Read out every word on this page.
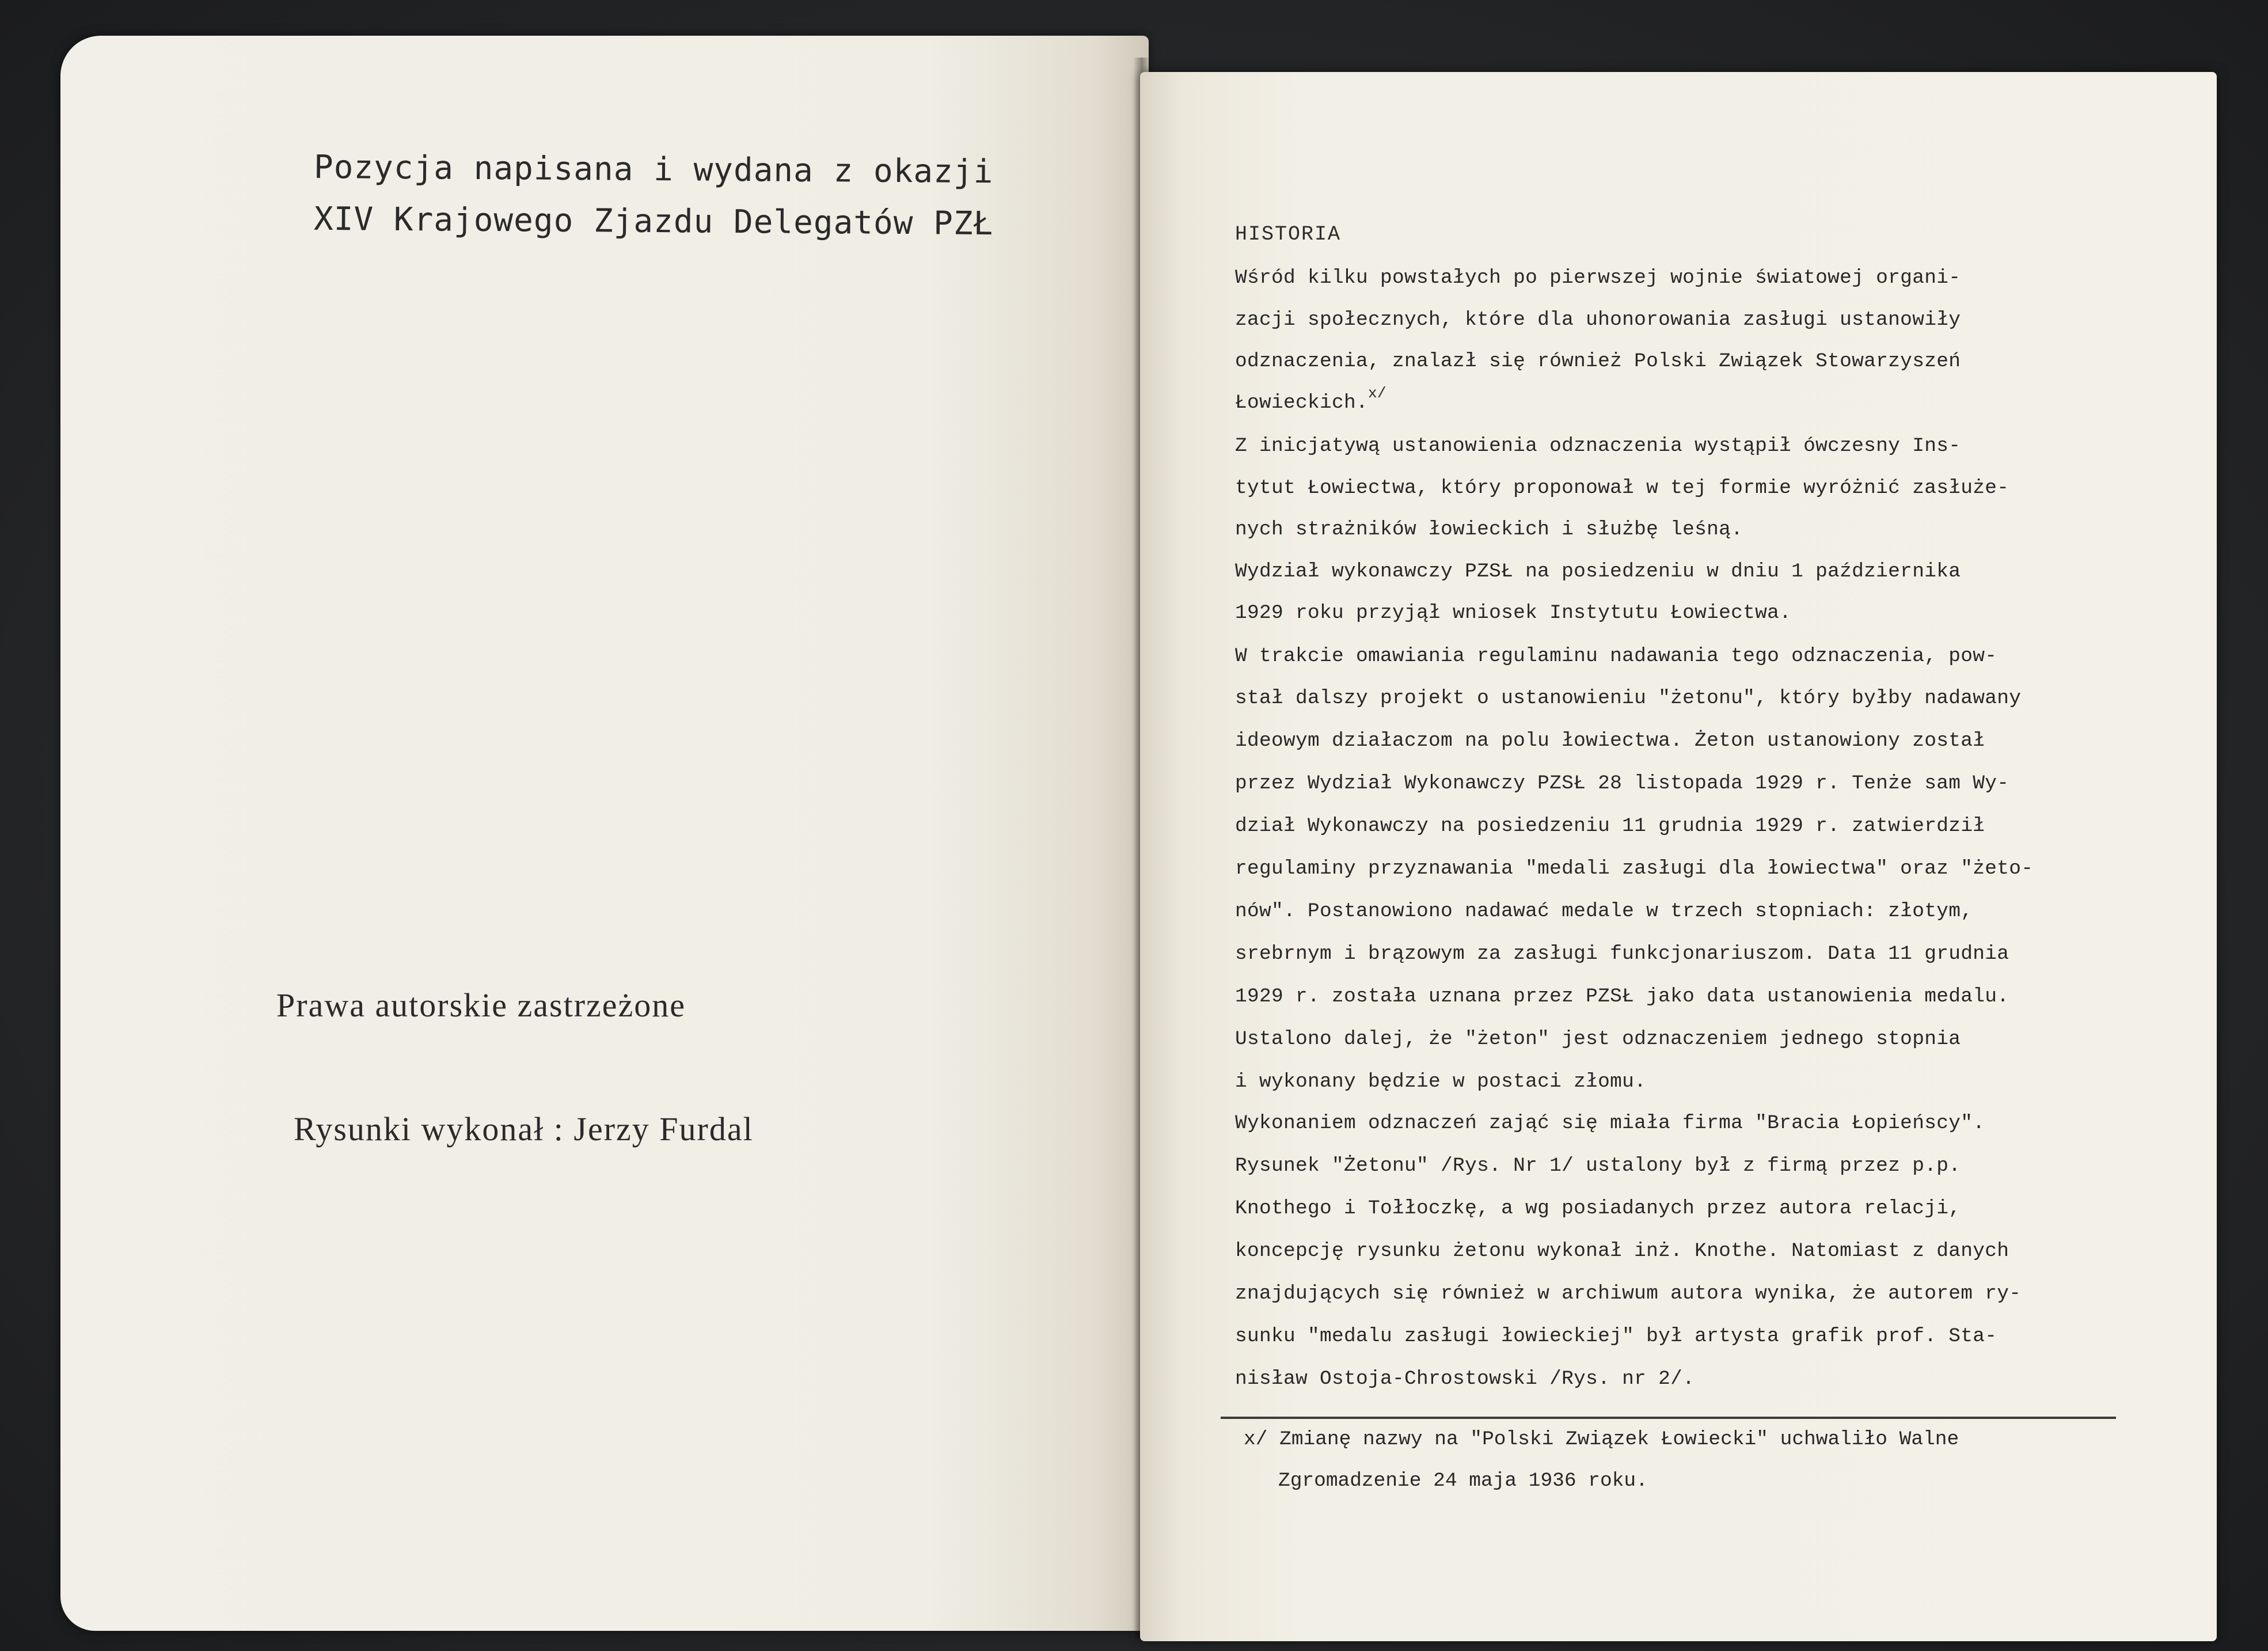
Pozycja napisana i wydana z okazji
XIV Krajowego Zjazdu Delegatów PZŁ
Prawa autorskie zastrzeżone
Rysunki wykonał : Jerzy Furdal
HISTORIA
Wśród kilku powstałych po pierwszej wojnie światowej organi-
zacji społecznych, które dla uhonorowania zasługi ustanowiły
odznaczenia, znalazł się również Polski Związek Stowarzyszeń
Łowieckich.$^{x/}$
Z inicjatywą ustanowienia odznaczenia wystąpił ówczesny Ins-
tytut Łowiectwa, który proponował w tej formie wyróżnić zasłuże-
nych strażników łowieckich i służbę leśną.
Wydział wykonawczy PZSŁ na posiedzeniu w dniu 1 października
1929 roku przyjął wniosek Instytutu Łowiectwa.
W trakcie omawiania regulaminu nadawania tego odznaczenia, pow-
stał dalszy projekt o ustanowieniu "żetonu", który byłby nadawany
ideowym działaczom na polu łowiectwa. Żeton ustanowiony został
przez Wydział Wykonawczy PZSŁ 28 listopada 1929 r. Tenże sam Wy-
dział Wykonawczy na posiedzeniu 11 grudnia 1929 r. zatwierdził
regulaminy przyznawania "medali zasługi dla łowiectwa" oraz "żeto-
nów". Postanowiono nadawać medale w trzech stopniach: złotym,
srebrnym i brązowym za zasługi funkcjonariuszom. Data 11 grudnia
1929 r. została uznana przez PZSŁ jako data ustanowienia medalu.
Ustalono dalej, że "żeton" jest odznaczeniem jednego stopnia
i wykonany będzie w postaci złomu.
Wykonaniem odznaczeń zająć się miała firma "Bracia Łopieńscy".
Rysunek "Żetonu" /Rys. Nr 1/ ustalony był z firmą przez p.p.
Knothego i Tołłoczkę, a wg posiadanych przez autora relacji,
koncepcję rysunku żetonu wykonał inż. Knothe. Natomiast z danych
znajdujących się również w archiwum autora wynika, że autorem ry-
sunku "medalu zasługi łowieckiej" był artysta grafik prof. Sta-
nisław Ostoja-Chrostowski /Rys. nr 2/.
x/ Zmianę nazwy na "Polski Związek Łowiecki" uchwaliło Walne
Zgromadzenie 24 maja 1936 roku.
